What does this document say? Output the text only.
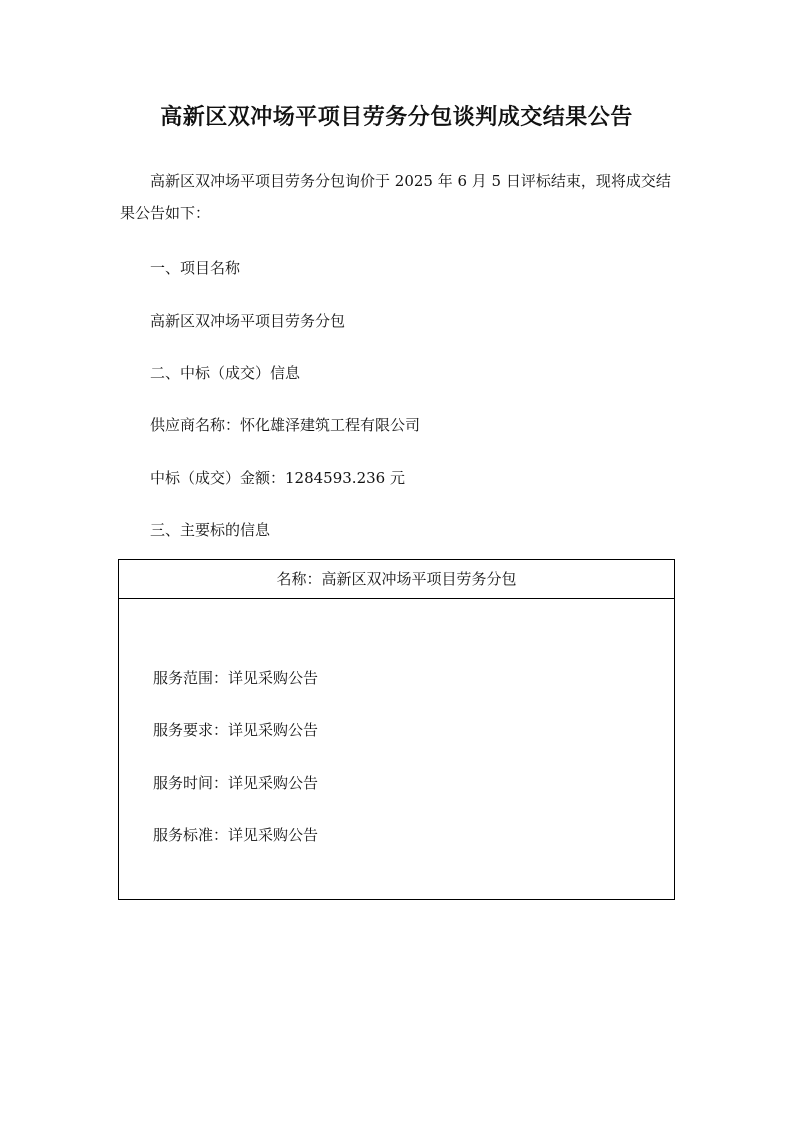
高新区双冲场平项目劳务分包谈判成交结果公告
高新区双冲场平项目劳务分包询价于 2025 年 6 月 5 日评标结束，现将成交结果公告如下：
一、项目名称
高新区双冲场平项目劳务分包
二、中标（成交）信息
供应商名称：怀化雄泽建筑工程有限公司
中标（成交）金额：1284593.236 元
三、主要标的信息
名称：高新区双冲场平项目劳务分包
服务范围：详见采购公告
服务要求：详见采购公告
服务时间：详见采购公告
服务标准：详见采购公告
